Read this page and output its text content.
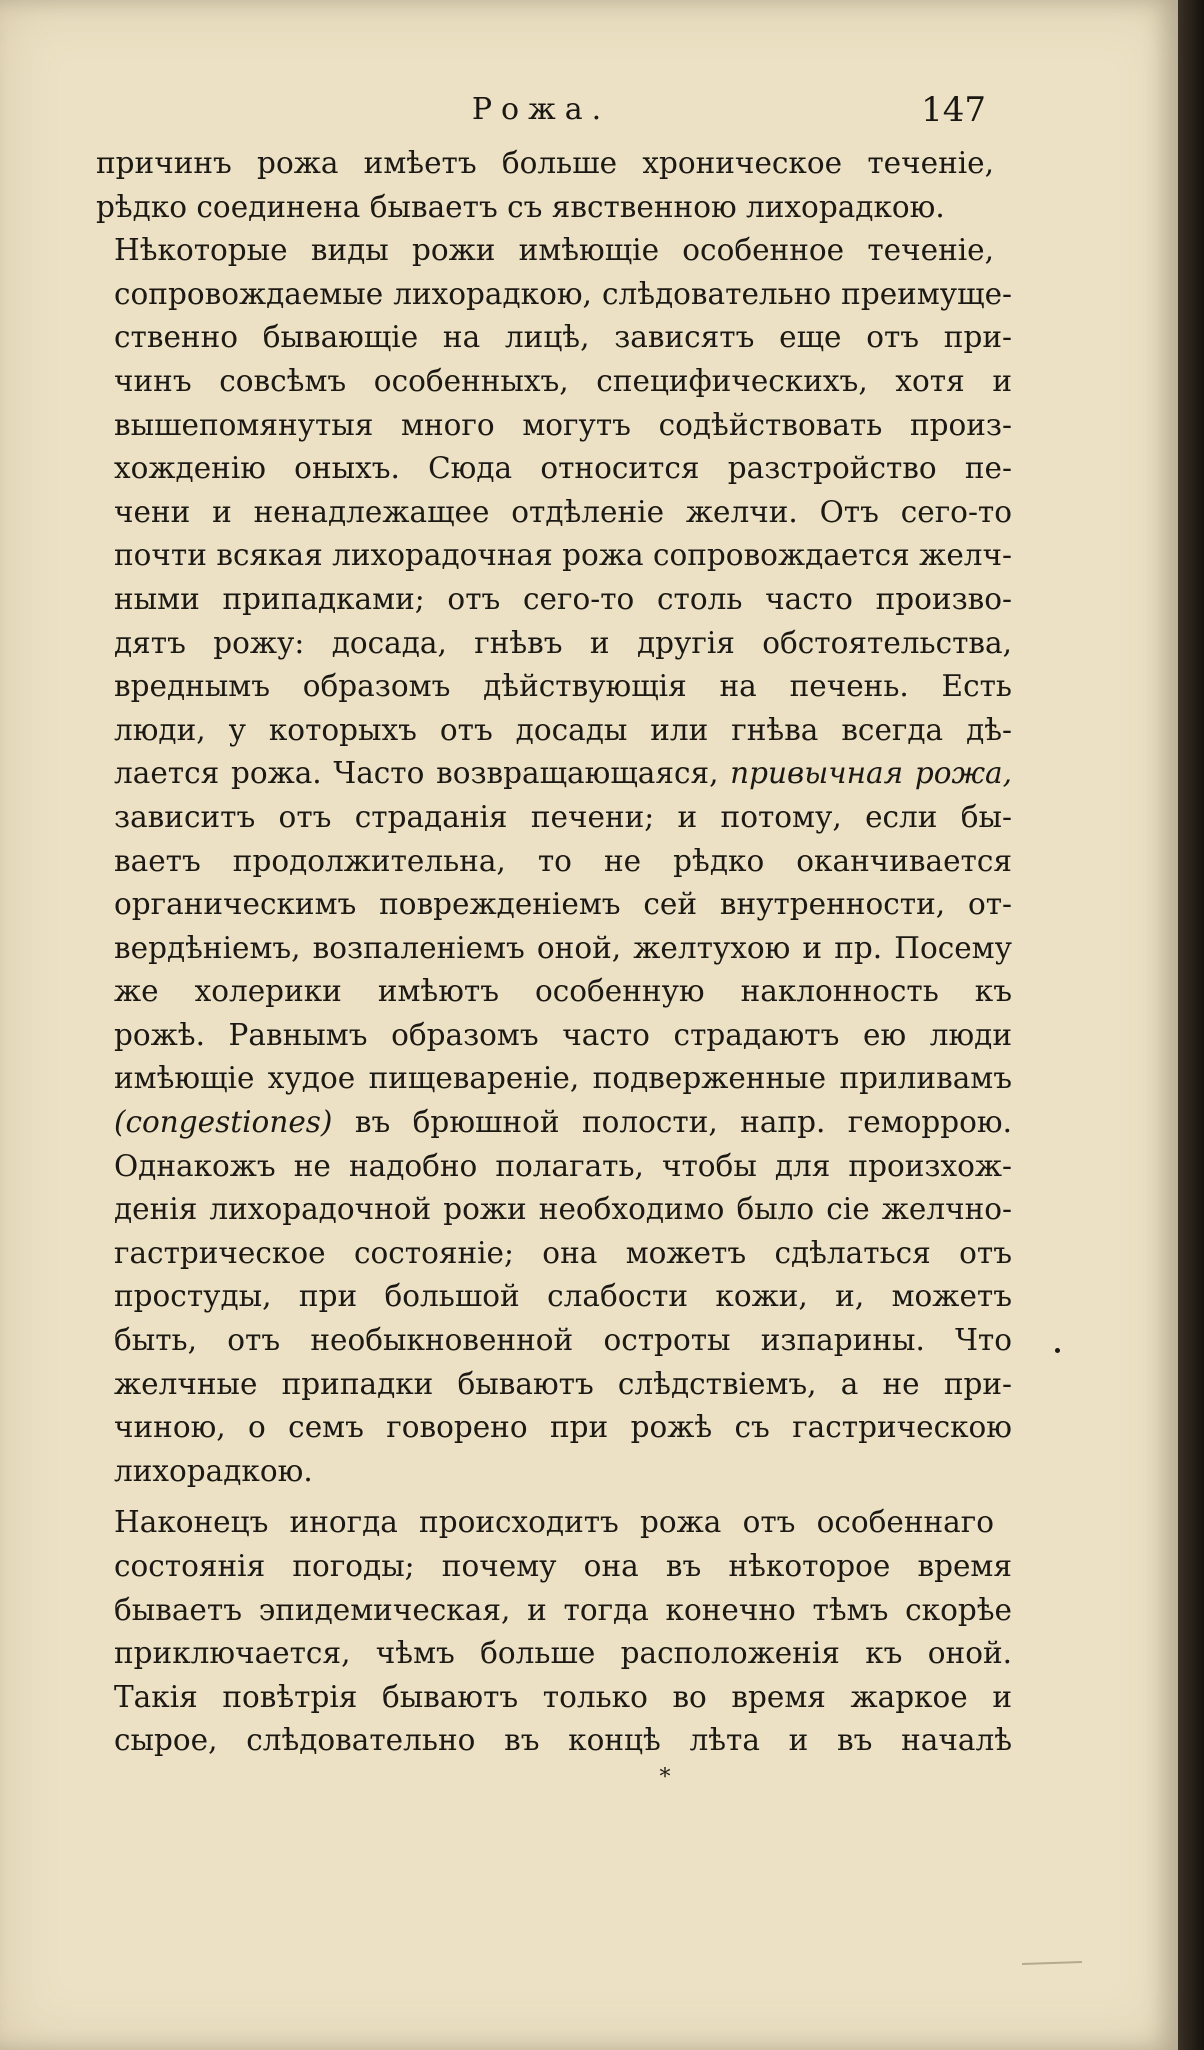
Рожа.	147

причинъ рожа имѣетъ больше хроническое теченіе,
рѣдко соединена бываетъ съ явственною лихорадкою.

Нѣкоторые виды рожи имѣющіе особенное теченіе,
сопровождаемые лихорадкою, слѣдовательно преимуще-
ственно бывающіе на лицѣ, зависятъ еще отъ при-
чинъ совсѣмъ особенныхъ, специфическихъ, хотя и
вышепомянутыя много могутъ содѣйствовать произ-
хожденію оныхъ. Сюда относится разстройство пе-
чени и ненадлежащее отдѣленіе желчи. Отъ сего-то
почти всякая лихорадочная рожа сопровождается желч-
ными припадками; отъ сего-то столь часто произво-
дятъ рожу: досада, гнѣвъ и другія обстоятельства,
вреднымъ образомъ дѣйствующія на печень. Есть
люди, у которыхъ отъ досады или гнѣва всегда дѣ-
лается рожа. Часто возвращающаяся, привычная рожа,
зависитъ отъ страданія печени; и потому, если бы-
ваетъ продолжительна, то не рѣдко оканчивается
органическимъ поврежденіемъ сей внутренности, от-
вердѣніемъ, возпаленіемъ оной, желтухою и пр. Посему
же холерики имѣютъ особенную наклонность къ
рожѣ. Равнымъ образомъ часто страдаютъ ею люди
имѣющіе худое пищевареніе, подверженные приливамъ
(congestiones) въ брюшной полости, напр. геморрою.
Однакожъ не надобно полагать, чтобы для произхож-
денія лихорадочной рожи необходимо было сіе желчно-
гастрическое состояніе; она можетъ сдѣлаться отъ
простуды, при большой слабости кожи, и, можетъ
быть, отъ необыкновенной остроты изпарины. Что
желчные припадки бываютъ слѣдствіемъ, а не при-
чиною, о семъ говорено при рожѣ съ гастрическою
лихорадкою.

Наконецъ иногда происходитъ рожа отъ особеннаго
состоянія погоды; почему она въ нѣкоторое время
бываетъ эпидемическая, и тогда конечно тѣмъ скорѣе
приключается, чѣмъ больше расположенія къ оной.
Такія повѣтрія бываютъ только во время жаркое и
сырое, слѣдовательно въ концѣ лѣта и въ началѣ

*
